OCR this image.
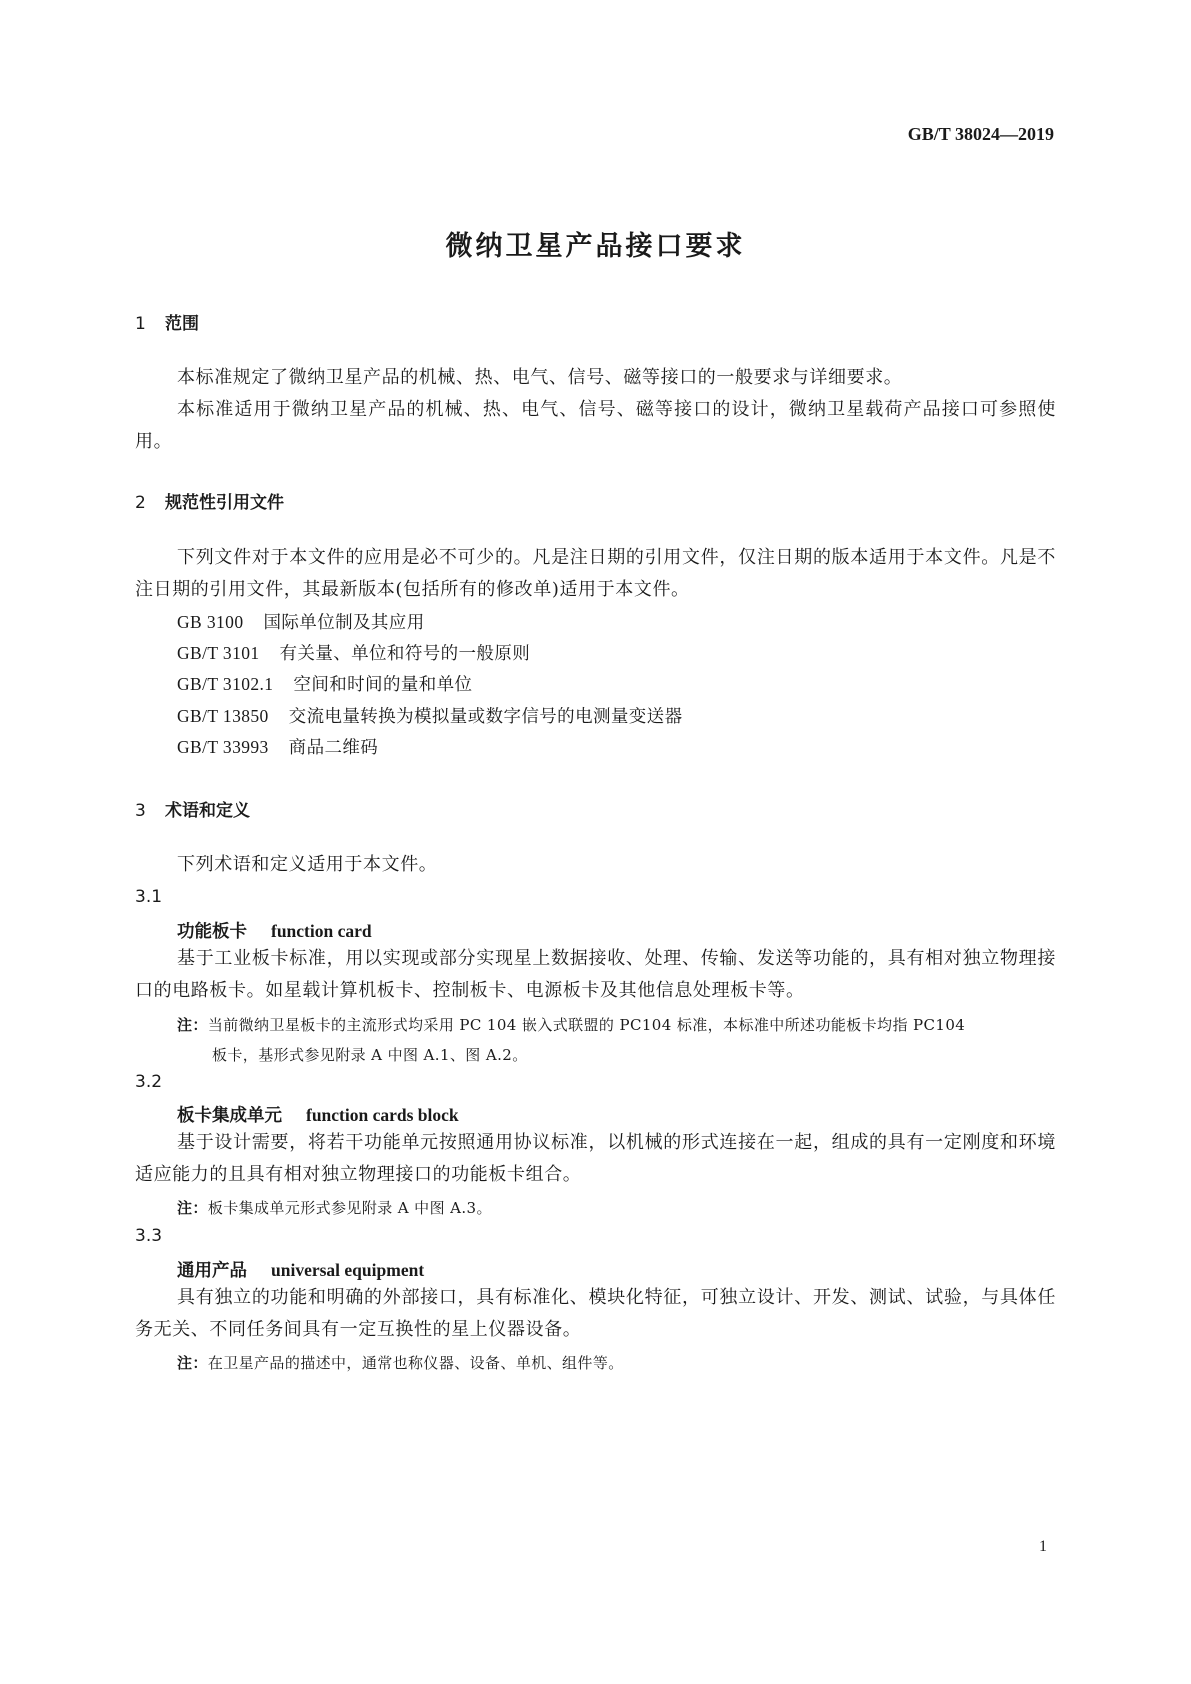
GB/T 38024—2019
微纳卫星产品接口要求
1 范围
本标准规定了微纳卫星产品的机械、热、电气、信号、磁等接口的一般要求与详细要求。
本标准适用于微纳卫星产品的机械、热、电气、信号、磁等接口的设计，微纳卫星载荷产品接口可参照使用。
2 规范性引用文件
下列文件对于本文件的应用是必不可少的。凡是注日期的引用文件，仅注日期的版本适用于本文件。凡是不注日期的引用文件，其最新版本(包括所有的修改单)适用于本文件。
GB 3100 国际单位制及其应用
GB/T 3101 有关量、单位和符号的一般原则
GB/T 3102.1 空间和时间的量和单位
GB/T 13850 交流电量转换为模拟量或数字信号的电测量变送器
GB/T 33993 商品二维码
3 术语和定义
下列术语和定义适用于本文件。
3.1
功能板卡 function card
基于工业板卡标准，用以实现或部分实现星上数据接收、处理、传输、发送等功能的，具有相对独立物理接口的电路板卡。如星载计算机板卡、控制板卡、电源板卡及其他信息处理板卡等。
注：当前微纳卫星板卡的主流形式均采用 PC 104 嵌入式联盟的 PC104 标准，本标准中所述功能板卡均指 PC104
板卡，基形式参见附录 A 中图 A.1、图 A.2。
3.2
板卡集成单元 function cards block
基于设计需要，将若干功能单元按照通用协议标准，以机械的形式连接在一起，组成的具有一定刚度和环境适应能力的且具有相对独立物理接口的功能板卡组合。
注：板卡集成单元形式参见附录 A 中图 A.3。
3.3
通用产品 universal equipment
具有独立的功能和明确的外部接口，具有标准化、模块化特征，可独立设计、开发、测试、试验，与具体任务无关、不同任务间具有一定互换性的星上仪器设备。
注：在卫星产品的描述中，通常也称仪器、设备、单机、组件等。
1
